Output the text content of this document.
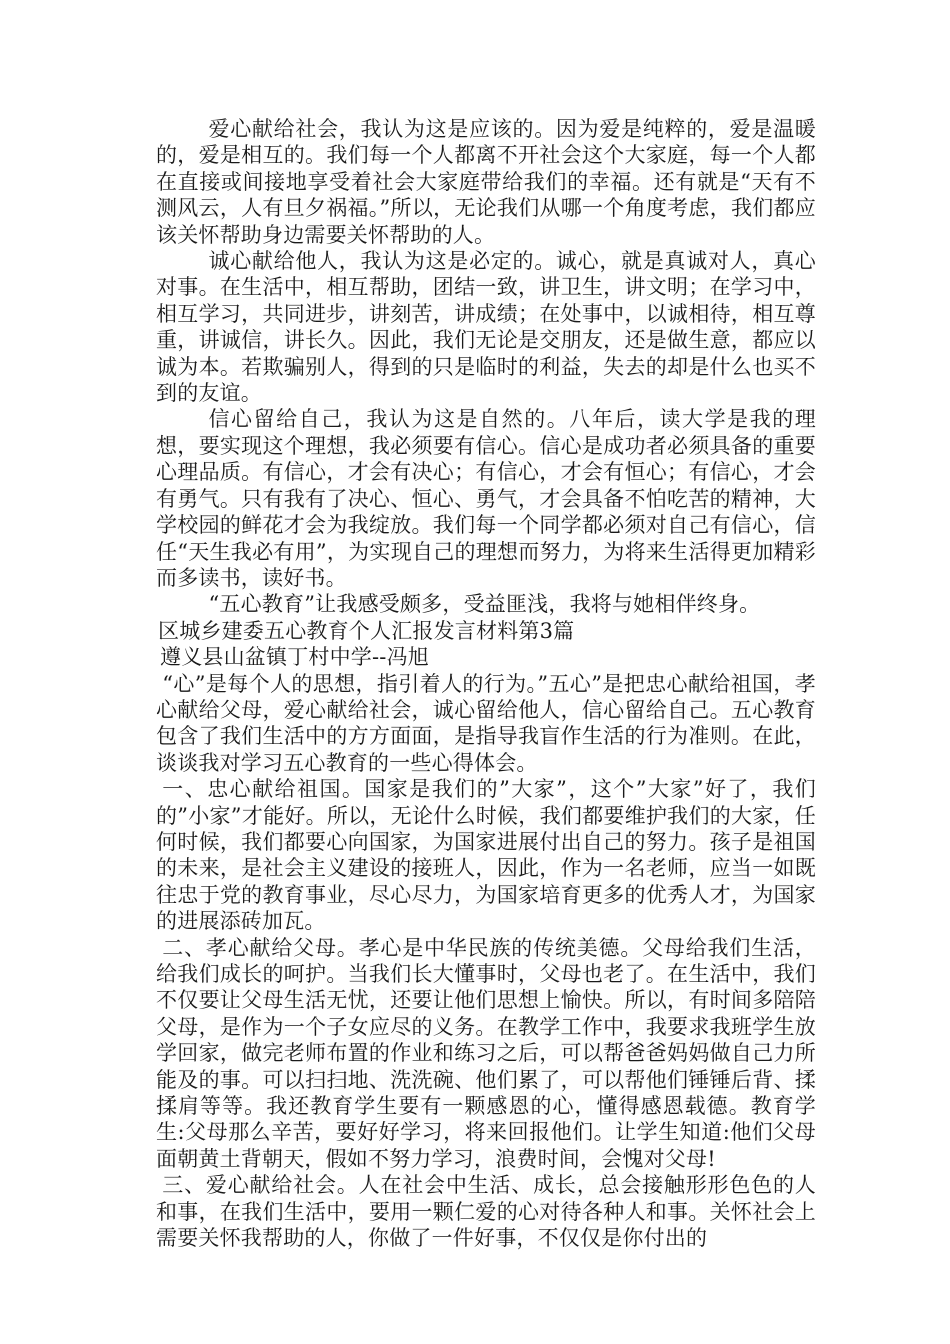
爱心献给社会，我认为这是应该的。因为爱是纯粹的，爱是温暖的，爱是相互的。我们每一个人都离不开社会这个大家庭，每一个人都在直接或间接地享受着社会大家庭带给我们的幸福。还有就是“天有不测风云，人有旦夕祸福。”所以，无论我们从哪一个角度考虑，我们都应该关怀帮助身边需要关怀帮助的人。

诚心献给他人，我认为这是必定的。诚心，就是真诚对人，真心对事。在生活中，相互帮助，团结一致，讲卫生，讲文明；在学习中，相互学习，共同进步，讲刻苦，讲成绩；在处事中，以诚相待，相互尊重，讲诚信，讲长久。因此，我们无论是交朋友，还是做生意，都应以诚为本。若欺骗别人，得到的只是临时的利益，失去的却是什么也买不到的友谊。

信心留给自己，我认为这是自然的。八年后，读大学是我的理想，要实现这个理想，我必须要有信心。信心是成功者必须具备的重要心理品质。有信心，才会有决心；有信心，才会有恒心；有信心，才会有勇气。只有我有了决心、恒心、勇气，才会具备不怕吃苦的精神，大学校园的鲜花才会为我绽放。我们每一个同学都必须对自己有信心，信任“天生我必有用”，为实现自己的理想而努力，为将来生活得更加精彩而多读书，读好书。

“五心教育”让我感受颇多，受益匪浅，我将与她相伴终身。

区城乡建委五心教育个人汇报发言材料第3篇

遵义县山盆镇丁村中学--冯旭

“心”是每个人的思想，指引着人的行为。”五心”是把忠心献给祖国，孝心献给父母，爱心献给社会，诚心留给他人，信心留给自己。五心教育包含了我们生活中的方方面面，是指导我盲作生活的行为准则。在此，谈谈我对学习五心教育的一些心得体会。

一、忠心献给祖国。国家是我们的”大家”，这个”大家”好了，我们的”小家”才能好。所以，无论什么时候，我们都要维护我们的大家，任何时候，我们都要心向国家，为国家进展付出自己的努力。孩子是祖国的未来，是社会主义建设的接班人，因此，作为一名老师，应当一如既往忠于党的教育事业，尽心尽力，为国家培育更多的优秀人才，为国家的进展添砖加瓦。

二、孝心献给父母。孝心是中华民族的传统美德。父母给我们生活，给我们成长的呵护。当我们长大懂事时，父母也老了。在生活中，我们不仅要让父母生活无忧，还要让他们思想上愉快。所以，有时间多陪陪父母，是作为一个子女应尽的义务。在教学工作中，我要求我班学生放学回家，做完老师布置的作业和练习之后，可以帮爸爸妈妈做自己力所能及的事。可以扫扫地、洗洗碗、他们累了，可以帮他们锤锤后背、揉揉肩等等。我还教育学生要有一颗感恩的心，懂得感恩载德。教育学生:父母那么辛苦，要好好学习，将来回报他们。让学生知道:他们父母面朝黄土背朝天，假如不努力学习，浪费时间，会愧对父母!

三、爱心献给社会。人在社会中生活、成长，总会接触形形色色的人和事，在我们生活中，要用一颗仁爱的心对待各种人和事。关怀社会上需要关怀我帮助的人，你做了一件好事，不仅仅是你付出的
